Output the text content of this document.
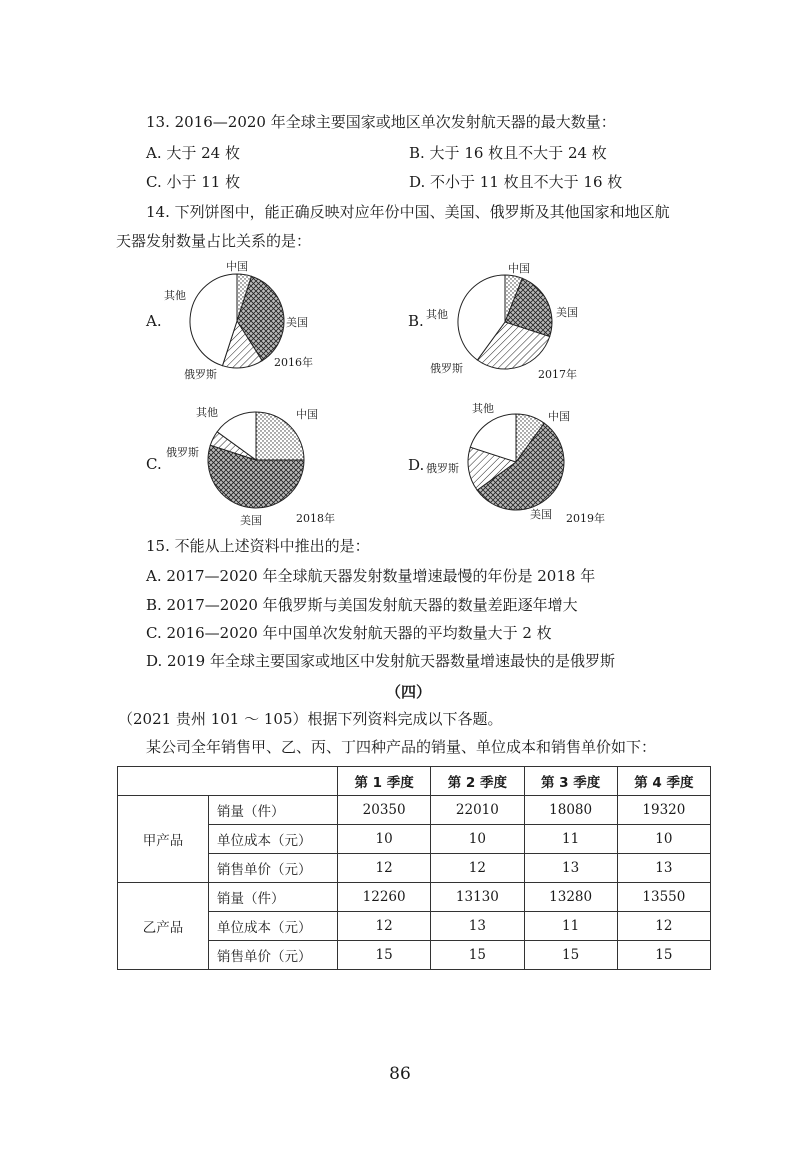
13. 2016—2020 年全球主要国家或地区单次发射航天器的最大数量：
A. 大于 24 枚	B. 大于 16 枚且不大于 24 枚
C. 小于 11 枚	D. 不小于 11 枚且不大于 16 枚
14. 下列饼图中，能正确反映对应年份中国、美国、俄罗斯及其他国家和地区航
天器发射数量占比关系的是：
A.
中国
美国
俄罗斯
其他
2016年
B.
中国
美国
俄罗斯
其他
2017年
C.
其他	中国
俄罗斯
美国	2018年
D.
其他
中国
俄罗斯
美国 2019年
15. 不能从上述资料中推出的是：
A. 2017—2020 年全球航天器发射数量增速最慢的年份是 2018 年
B. 2017—2020 年俄罗斯与美国发射航天器的数量差距逐年增大
C. 2016—2020 年中国单次发射航天器的平均数量大于 2 枚
D. 2019 年全球主要国家或地区中发射航天器数量增速最快的是俄罗斯
（四）
（2021 贵州 101 ～ 105）根据下列资料完成以下各题。
某公司全年销售甲、乙、丙、丁四种产品的销量、单位成本和销售单价如下：
		第 1 季度	第 2 季度	第 3 季度	第 4 季度
甲产品	销量（件）	20350	22010	18080	19320
	单位成本（元）	10	10	11	10
	销售单价（元）	12	12	13	13
乙产品	销量（件）	12260	13130	13280	13550
	单位成本（元）	12	13	11	12
	销售单价（元）	15	15	15	15
86
